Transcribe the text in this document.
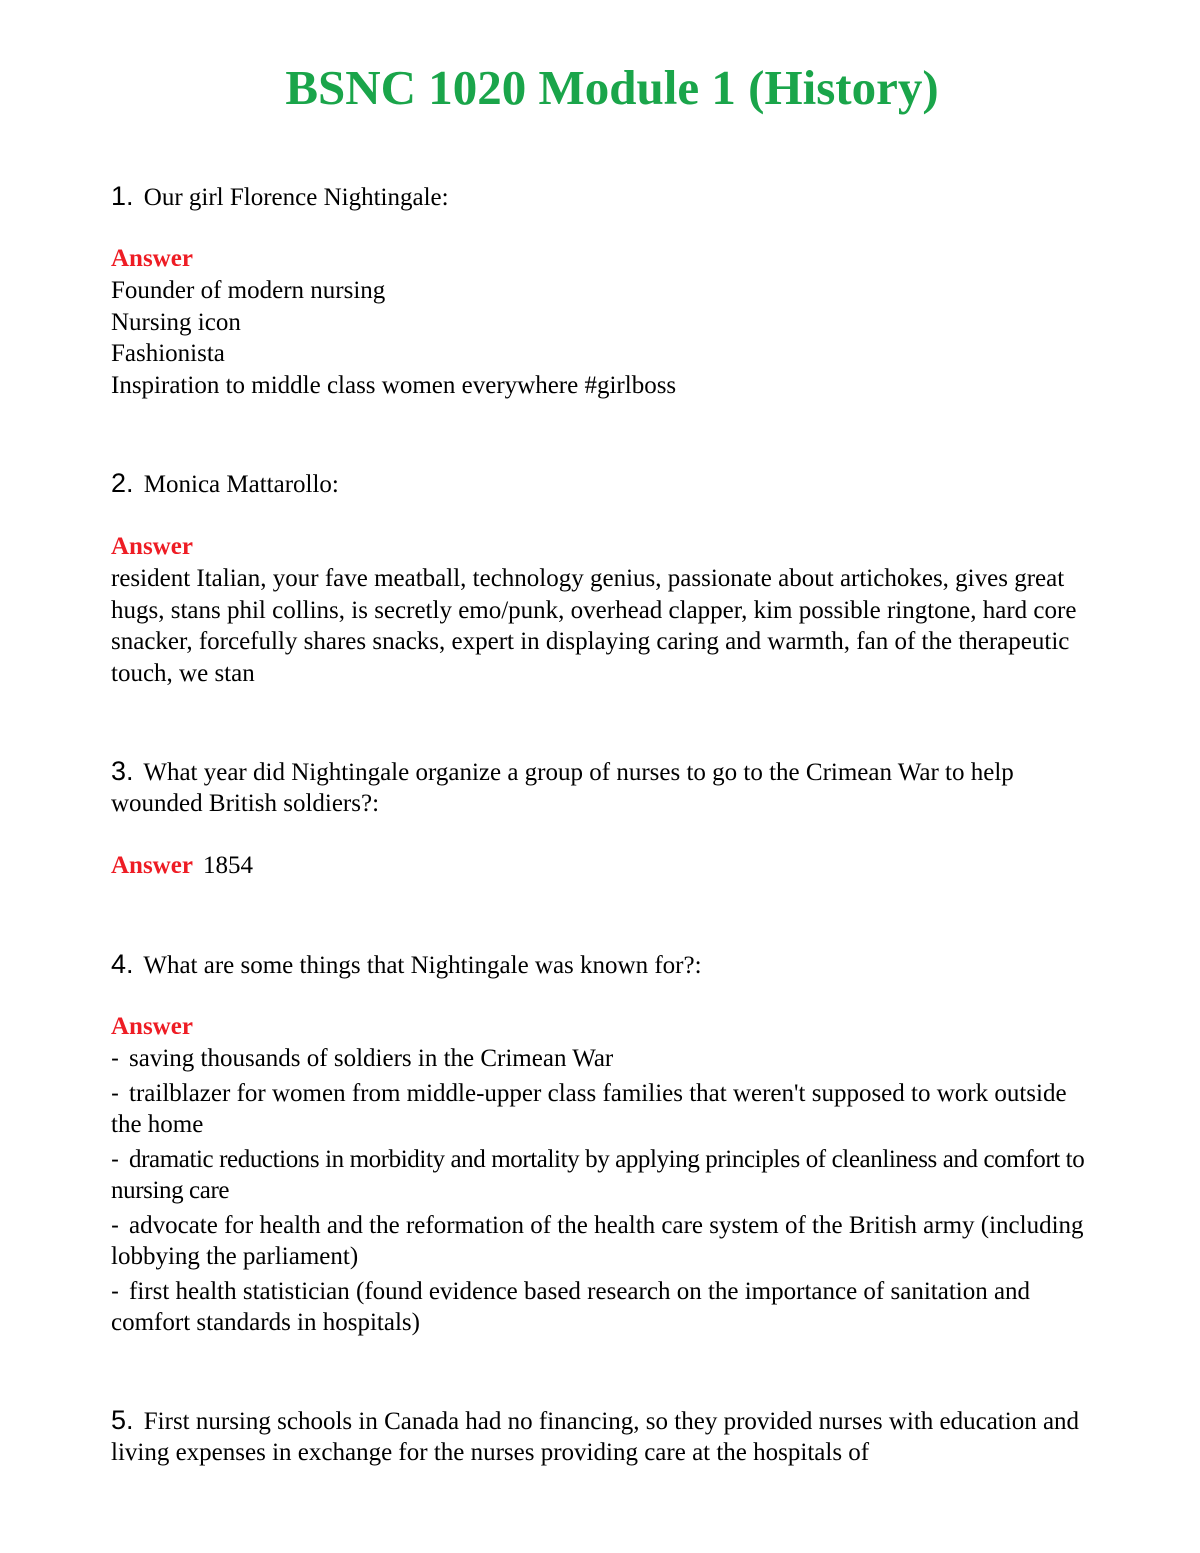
BSNC 1020 Module 1 (History)
1. Our girl Florence Nightingale:
Answer
Founder of modern nursing
Nursing icon
Fashionista
Inspiration to middle class women everywhere #girlboss
2. Monica Mattarollo:
Answer
resident Italian, your fave meatball, technology genius, passionate about artichokes, gives great hugs, stans phil collins, is secretly emo/punk, overhead clapper, kim possible ringtone, hard core snacker, forcefully shares snacks, expert in displaying caring and warmth, fan of the therapeutic touch, we stan
3. What year did Nightingale organize a group of nurses to go to the Crimean War to help wounded British soldiers?:
Answer 1854
4. What are some things that Nightingale was known for?:
Answer
- saving thousands of soldiers in the Crimean War
- trailblazer for women from middle-upper class families that weren't supposed to work outside the home
- dramatic reductions in morbidity and mortality by applying principles of cleanliness and comfort to nursing care
- advocate for health and the reformation of the health care system of the British army (including lobbying the parliament)
- first health statistician (found evidence based research on the importance of sanitation and comfort standards in hospitals)
5. First nursing schools in Canada had no financing, so they provided nurses with education and living expenses in exchange for the nurses providing care at the hospitals of
